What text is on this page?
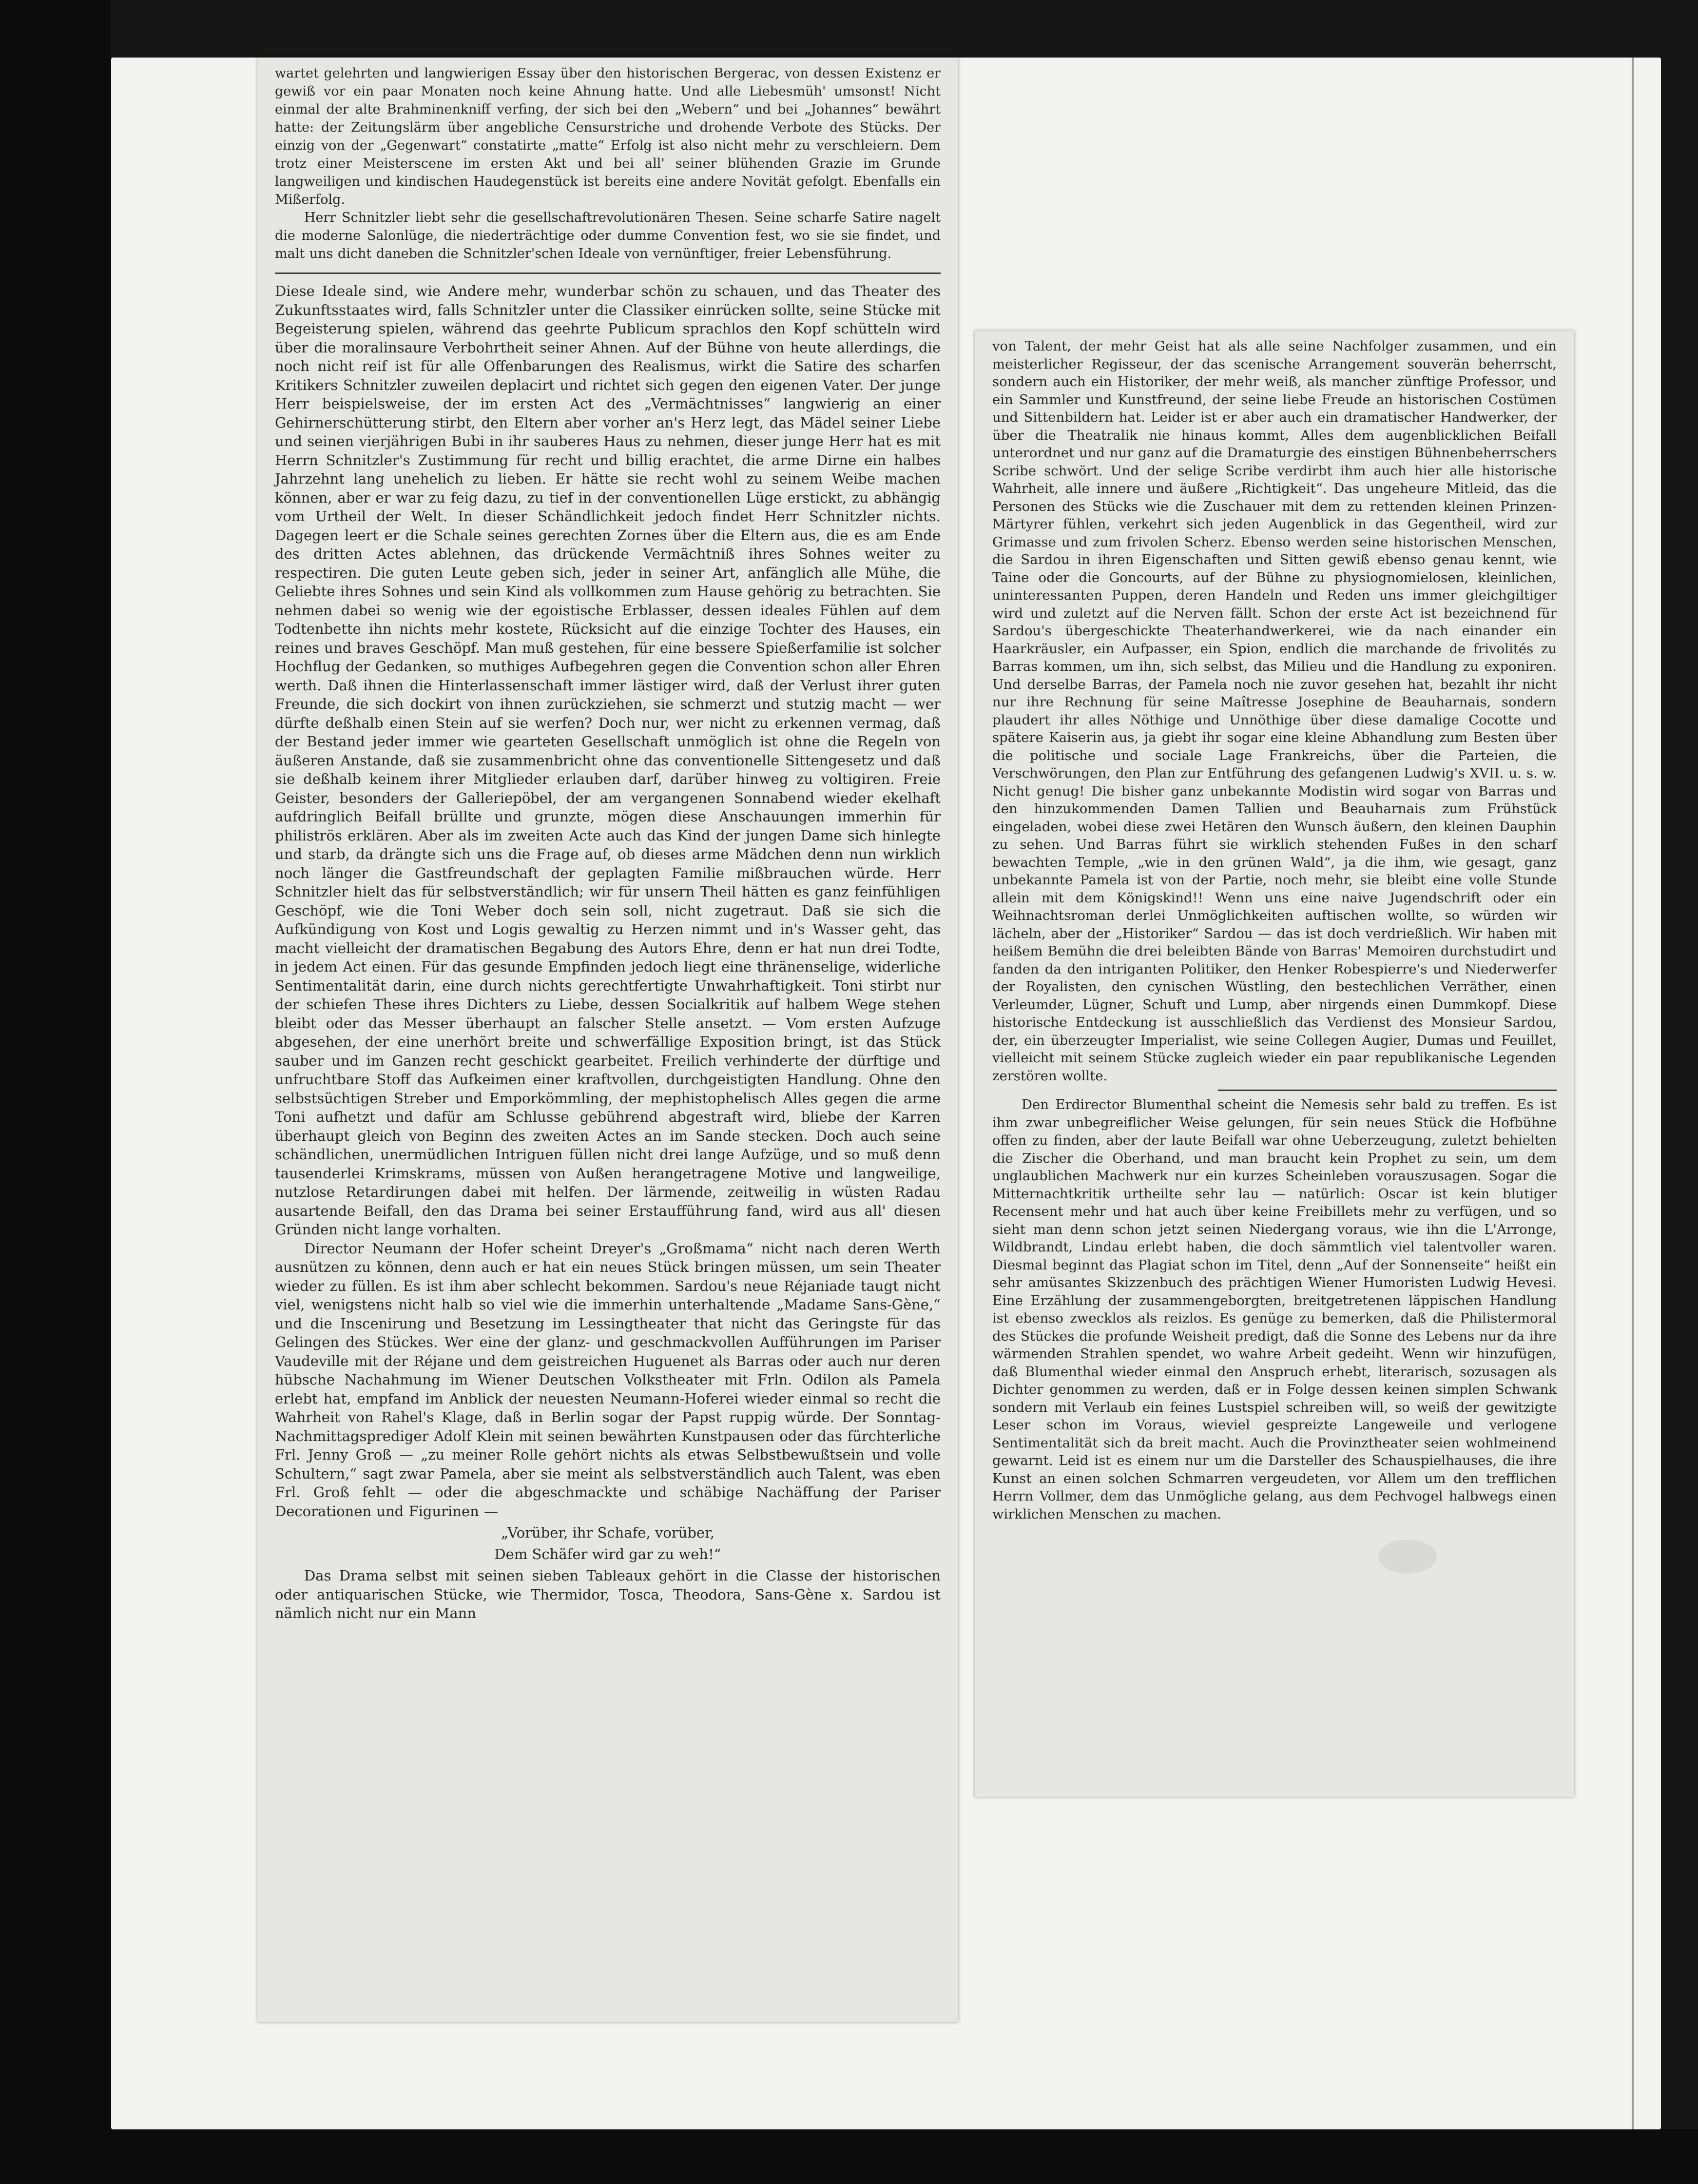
wartet gelehrten und langwierigen Essay über den historischen Bergerac, von dessen Existenz er gewiß vor ein paar Monaten noch keine Ahnung hatte. Und alle Liebesmüh' umsonst! Nicht einmal der alte Brahminenkniff verfing, der sich bei den „Webern“ und bei „Johannes“ bewährt hatte: der Zeitungslärm über angebliche Censurstriche und drohende Verbote des Stücks. Der einzig von der „Gegenwart“ constatirte „matte“ Erfolg ist also nicht mehr zu verschleiern. Dem trotz einer Meisterscene im ersten Akt und bei all' seiner blühenden Grazie im Grunde langweiligen und kindischen Haudegenstück ist bereits eine andere Novität gefolgt. Ebenfalls ein Mißerfolg.

Herr Schnitzler liebt sehr die gesellschaftrevolutionären Thesen. Seine scharfe Satire nagelt die moderne Salonlüge, die niederträchtige oder dumme Convention fest, wo sie sie findet, und malt uns dicht daneben die Schnitzler'schen Ideale von vernünftiger, freier Lebensführung.

Diese Ideale sind, wie Andere mehr, wunderbar schön zu schauen, und das Theater des Zukunftsstaates wird, falls Schnitzler unter die Classiker einrücken sollte, seine Stücke mit Begeisterung spielen, während das geehrte Publicum sprachlos den Kopf schütteln wird über die moralinsaure Verbohrtheit seiner Ahnen. Auf der Bühne von heute allerdings, die noch nicht reif ist für alle Offenbarungen des Realismus, wirkt die Satire des scharfen Kritikers Schnitzler zuweilen deplacirt und richtet sich gegen den eigenen Vater. Der junge Herr beispielsweise, der im ersten Act des „Vermächtnisses“ langwierig an einer Gehirnerschütterung stirbt, den Eltern aber vorher an's Herz legt, das Mädel seiner Liebe und seinen vierjährigen Bubi in ihr sauberes Haus zu nehmen, dieser junge Herr hat es mit Herrn Schnitzler's Zustimmung für recht und billig erachtet, die arme Dirne ein halbes Jahrzehnt lang unehelich zu lieben. Er hätte sie recht wohl zu seinem Weibe machen können, aber er war zu feig dazu, zu tief in der conventionellen Lüge erstickt, zu abhängig vom Urtheil der Welt. In dieser Schändlichkeit jedoch findet Herr Schnitzler nichts. Dagegen leert er die Schale seines gerechten Zornes über die Eltern aus, die es am Ende des dritten Actes ablehnen, das drückende Vermächtniß ihres Sohnes weiter zu respectiren. Die guten Leute geben sich, jeder in seiner Art, anfänglich alle Mühe, die Geliebte ihres Sohnes und sein Kind als vollkommen zum Hause gehörig zu betrachten. Sie nehmen dabei so wenig wie der egoistische Erblasser, dessen ideales Fühlen auf dem Todtenbette ihn nichts mehr kostete, Rücksicht auf die einzige Tochter des Hauses, ein reines und braves Geschöpf. Man muß gestehen, für eine bessere Spießerfamilie ist solcher Hochflug der Gedanken, so muthiges Aufbegehren gegen die Convention schon aller Ehren werth. Daß ihnen die Hinterlassenschaft immer lästiger wird, daß der Verlust ihrer guten Freunde, die sich dockirt von ihnen zurückziehen, sie schmerzt und stutzig macht — wer dürfte deßhalb einen Stein auf sie werfen? Doch nur, wer nicht zu erkennen vermag, daß der Bestand jeder immer wie gearteten Gesellschaft unmöglich ist ohne die Regeln von äußeren Anstande, daß sie zusammenbricht ohne das conventionelle Sittengesetz und daß sie deßhalb keinem ihrer Mitglieder erlauben darf, darüber hinweg zu voltigiren. Freie Geister, besonders der Galleriepöbel, der am vergangenen Sonnabend wieder ekelhaft aufdringlich Beifall brüllte und grunzte, mögen diese Anschauungen immerhin für philiströs erklären. Aber als im zweiten Acte auch das Kind der jungen Dame sich hinlegte und starb, da drängte sich uns die Frage auf, ob dieses arme Mädchen denn nun wirklich noch länger die Gastfreundschaft der geplagten Familie mißbrauchen würde. Herr Schnitzler hielt das für selbstverständlich; wir für unsern Theil hätten es ganz feinfühligen Geschöpf, wie die Toni Weber doch sein soll, nicht zugetraut. Daß sie sich die Aufkündigung von Kost und Logis gewaltig zu Herzen nimmt und in's Wasser geht, das macht vielleicht der dramatischen Begabung des Autors Ehre, denn er hat nun drei Todte, in jedem Act einen. Für das gesunde Empfinden jedoch liegt eine thränenselige, widerliche Sentimentalität darin, eine durch nichts gerechtfertigte Unwahrhaftigkeit. Toni stirbt nur der schiefen These ihres Dichters zu Liebe, dessen Socialkritik auf halbem Wege stehen bleibt oder das Messer überhaupt an falscher Stelle ansetzt. — Vom ersten Aufzuge abgesehen, der eine unerhört breite und schwerfällige Exposition bringt, ist das Stück sauber und im Ganzen recht geschickt gearbeitet. Freilich verhinderte der dürftige und unfruchtbare Stoff das Aufkeimen einer kraftvollen, durchgeistigten Handlung. Ohne den selbstsüchtigen Streber und Emporkömmling, der mephistophelisch Alles gegen die arme Toni aufhetzt und dafür am Schlusse gebührend abgestraft wird, bliebe der Karren überhaupt gleich von Beginn des zweiten Actes an im Sande stecken. Doch auch seine schändlichen, unermüdlichen Intriguen füllen nicht drei lange Aufzüge, und so muß denn tausenderlei Krimskrams, müssen von Außen herangetragene Motive und langweilige, nutzlose Retardirungen dabei mit helfen. Der lärmende, zeitweilig in wüsten Radau ausartende Beifall, den das Drama bei seiner Erstaufführung fand, wird aus all' diesen Gründen nicht lange vorhalten.

Director Neumann der Hofer scheint Dreyer's „Großmama“ nicht nach deren Werth ausnützen zu können, denn auch er hat ein neues Stück bringen müssen, um sein Theater wieder zu füllen. Es ist ihm aber schlecht bekommen. Sardou's neue Réjaniade taugt nicht viel, wenigstens nicht halb so viel wie die immerhin unterhaltende „Madame Sans-Gène,“ und die Inscenirung und Besetzung im Lessingtheater that nicht das Geringste für das Gelingen des Stückes. Wer eine der glanz- und geschmackvollen Aufführungen im Pariser Vaudeville mit der Réjane und dem geistreichen Huguenet als Barras oder auch nur deren hübsche Nachahmung im Wiener Deutschen Volkstheater mit Frln. Odilon als Pamela erlebt hat, empfand im Anblick der neuesten Neumann-Hoferei wieder einmal so recht die Wahrheit von Rahel's Klage, daß in Berlin sogar der Papst ruppig würde. Der Sonntag-Nachmittagsprediger Adolf Klein mit seinen bewährten Kunstpausen oder das fürchterliche Frl. Jenny Groß — „zu meiner Rolle gehört nichts als etwas Selbstbewußtsein und volle Schultern,“ sagt zwar Pamela, aber sie meint als selbstverständlich auch Talent, was eben Frl. Groß fehlt — oder die abgeschmackte und schäbige Nachäffung der Pariser Decorationen und Figurinen —

„Vorüber, ihr Schafe, vorüber,

Dem Schäfer wird gar zu weh!“

Das Drama selbst mit seinen sieben Tableaux gehört in die Classe der historischen oder antiquarischen Stücke, wie Thermidor, Tosca, Theodora, Sans-Gène x. Sardou ist nämlich nicht nur ein Mann

von Talent, der mehr Geist hat als alle seine Nachfolger zusammen, und ein meisterlicher Regisseur, der das scenische Arrangement souverän beherrscht, sondern auch ein Historiker, der mehr weiß, als mancher zünftige Professor, und ein Sammler und Kunstfreund, der seine liebe Freude an historischen Costümen und Sittenbildern hat. Leider ist er aber auch ein dramatischer Handwerker, der über die Theatralik nie hinaus kommt, Alles dem augenblicklichen Beifall unterordnet und nur ganz auf die Dramaturgie des einstigen Bühnenbeherrschers Scribe schwört. Und der selige Scribe verdirbt ihm auch hier alle historische Wahrheit, alle innere und äußere „Richtigkeit“. Das ungeheure Mitleid, das die Personen des Stücks wie die Zuschauer mit dem zu rettenden kleinen Prinzen-Märtyrer fühlen, verkehrt sich jeden Augenblick in das Gegentheil, wird zur Grimasse und zum frivolen Scherz. Ebenso werden seine historischen Menschen, die Sardou in ihren Eigenschaften und Sitten gewiß ebenso genau kennt, wie Taine oder die Goncourts, auf der Bühne zu physiognomielosen, kleinlichen, uninteressanten Puppen, deren Handeln und Reden uns immer gleichgiltiger wird und zuletzt auf die Nerven fällt. Schon der erste Act ist bezeichnend für Sardou's übergeschickte Theaterhandwerkerei, wie da nach einander ein Haarkräusler, ein Aufpasser, ein Spion, endlich die marchande de frivolités zu Barras kommen, um ihn, sich selbst, das Milieu und die Handlung zu exponiren. Und derselbe Barras, der Pamela noch nie zuvor gesehen hat, bezahlt ihr nicht nur ihre Rechnung für seine Maîtresse Josephine de Beauharnais, sondern plaudert ihr alles Nöthige und Unnöthige über diese damalige Cocotte und spätere Kaiserin aus, ja giebt ihr sogar eine kleine Abhandlung zum Besten über die politische und sociale Lage Frankreichs, über die Parteien, die Verschwörungen, den Plan zur Entführung des gefangenen Ludwig's XVII. u. s. w. Nicht genug! Die bisher ganz unbekannte Modistin wird sogar von Barras und den hinzukommenden Damen Tallien und Beauharnais zum Frühstück eingeladen, wobei diese zwei Hetären den Wunsch äußern, den kleinen Dauphin zu sehen. Und Barras führt sie wirklich stehenden Fußes in den scharf bewachten Temple, „wie in den grünen Wald“, ja die ihm, wie gesagt, ganz unbekannte Pamela ist von der Partie, noch mehr, sie bleibt eine volle Stunde allein mit dem Königskind!! Wenn uns eine naive Jugendschrift oder ein Weihnachtsroman derlei Unmöglichkeiten auftischen wollte, so würden wir lächeln, aber der „Historiker“ Sardou — das ist doch verdrießlich. Wir haben mit heißem Bemühn die drei beleibten Bände von Barras' Memoiren durchstudirt und fanden da den intriganten Politiker, den Henker Robespierre's und Niederwerfer der Royalisten, den cynischen Wüstling, den bestechlichen Verräther, einen Verleumder, Lügner, Schuft und Lump, aber nirgends einen Dummkopf. Diese historische Entdeckung ist ausschließlich das Verdienst des Monsieur Sardou, der, ein überzeugter Imperialist, wie seine Collegen Augier, Dumas und Feuillet, vielleicht mit seinem Stücke zugleich wieder ein paar republikanische Legenden zerstören wollte.

Den Erdirector Blumenthal scheint die Nemesis sehr bald zu treffen. Es ist ihm zwar unbegreiflicher Weise gelungen, für sein neues Stück die Hofbühne offen zu finden, aber der laute Beifall war ohne Ueberzeugung, zuletzt behielten die Zischer die Oberhand, und man braucht kein Prophet zu sein, um dem unglaublichen Machwerk nur ein kurzes Scheinleben vorauszusagen. Sogar die Mitternachtkritik urtheilte sehr lau — natürlich: Oscar ist kein blutiger Recensent mehr und hat auch über keine Freibillets mehr zu verfügen, und so sieht man denn schon jetzt seinen Niedergang voraus, wie ihn die L'Arronge, Wildbrandt, Lindau erlebt haben, die doch sämmtlich viel talentvoller waren. Diesmal beginnt das Plagiat schon im Titel, denn „Auf der Sonnenseite“ heißt ein sehr amüsantes Skizzenbuch des prächtigen Wiener Humoristen Ludwig Hevesi. Eine Erzählung der zusammengeborgten, breitgetretenen läppischen Handlung ist ebenso zwecklos als reizlos. Es genüge zu bemerken, daß die Philistermoral des Stückes die profunde Weisheit predigt, daß die Sonne des Lebens nur da ihre wärmenden Strahlen spendet, wo wahre Arbeit gedeiht. Wenn wir hinzufügen, daß Blumenthal wieder einmal den Anspruch erhebt, literarisch, sozusagen als Dichter genommen zu werden, daß er in Folge dessen keinen simplen Schwank sondern mit Verlaub ein feines Lustspiel schreiben will, so weiß der gewitzigte Leser schon im Voraus, wieviel gespreizte Langeweile und verlogene Sentimentalität sich da breit macht. Auch die Provinztheater seien wohlmeinend gewarnt. Leid ist es einem nur um die Darsteller des Schauspielhauses, die ihre Kunst an einen solchen Schmarren vergeudeten, vor Allem um den trefflichen Herrn Vollmer, dem das Unmögliche gelang, aus dem Pechvogel halbwegs einen wirklichen Menschen zu machen.
